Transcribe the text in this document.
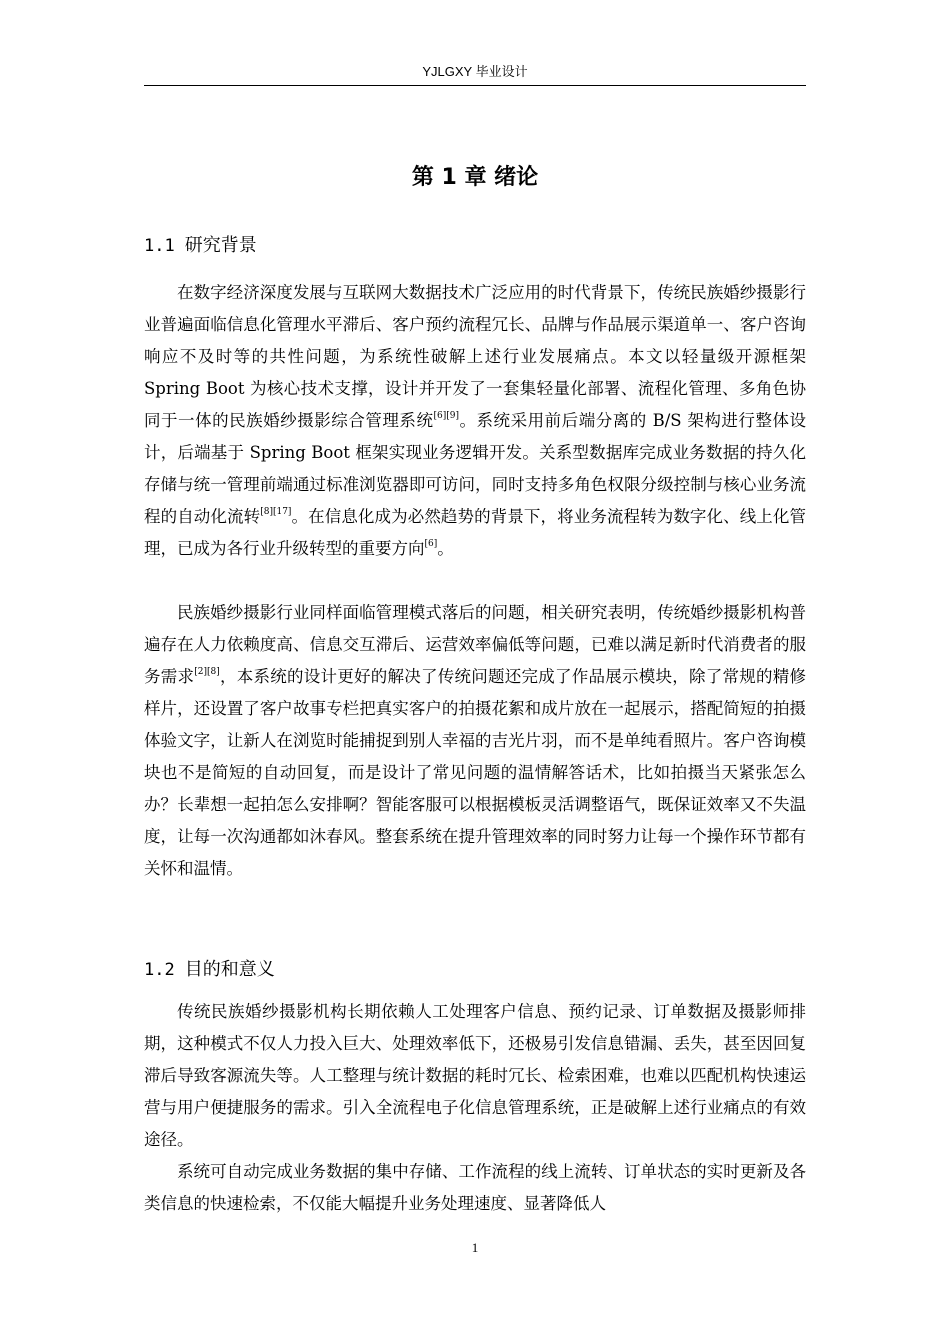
YJLGXY 毕业设计
第 1 章 绪论
1.1 研究背景

在数字经济深度发展与互联网大数据技术广泛应用的时代背景下，传统民族婚纱摄影行业普遍面临信息化管理水平滞后、客户预约流程冗长、品牌与作品展示渠道单一、客户咨询响应不及时等的共性问题，为系统性破解上述行业发展痛点。本文以轻量级开源框架 Spring Boot 为核心技术支撑，设计并开发了一套集轻量化部署、流程化管理、多角色协同于一体的民族婚纱摄影综合管理系统[6][9]。系统采用前后端分离的 B/S 架构进行整体设计，后端基于 Spring Boot 框架实现业务逻辑开发。关系型数据库完成业务数据的持久化存储与统一管理前端通过标准浏览器即可访问，同时支持多角色权限分级控制与核心业务流程的自动化流转[8][17]。在信息化成为必然趋势的背景下，将业务流程转为数字化、线上化管理，已成为各行业升级转型的重要方向[6]。

民族婚纱摄影行业同样面临管理模式落后的问题，相关研究表明，传统婚纱摄影机构普遍存在人力依赖度高、信息交互滞后、运营效率偏低等问题，已难以满足新时代消费者的服务需求[2][8]，本系统的设计更好的解决了传统问题还完成了作品展示模块，除了常规的精修样片，还设置了客户故事专栏把真实客户的拍摄花絮和成片放在一起展示，搭配简短的拍摄体验文字，让新人在浏览时能捕捉到别人幸福的吉光片羽，而不是单纯看照片。客户咨询模块也不是简短的自动回复，而是设计了常见问题的温情解答话术，比如拍摄当天紧张怎么办？长辈想一起拍怎么安排啊？智能客服可以根据模板灵活调整语气，既保证效率又不失温度，让每一次沟通都如沐春风。整套系统在提升管理效率的同时努力让每一个操作环节都有关怀和温情。

1.2 目的和意义

传统民族婚纱摄影机构长期依赖人工处理客户信息、预约记录、订单数据及摄影师排期，这种模式不仅人力投入巨大、处理效率低下，还极易引发信息错漏、丢失，甚至因回复滞后导致客源流失等。人工整理与统计数据的耗时冗长、检索困难，也难以匹配机构快速运营与用户便捷服务的需求。引入全流程电子化信息管理系统，正是破解上述行业痛点的有效途径。

系统可自动完成业务数据的集中存储、工作流程的线上流转、订单状态的实时更新及各类信息的快速检索，不仅能大幅提升业务处理速度、显著降低人

1
